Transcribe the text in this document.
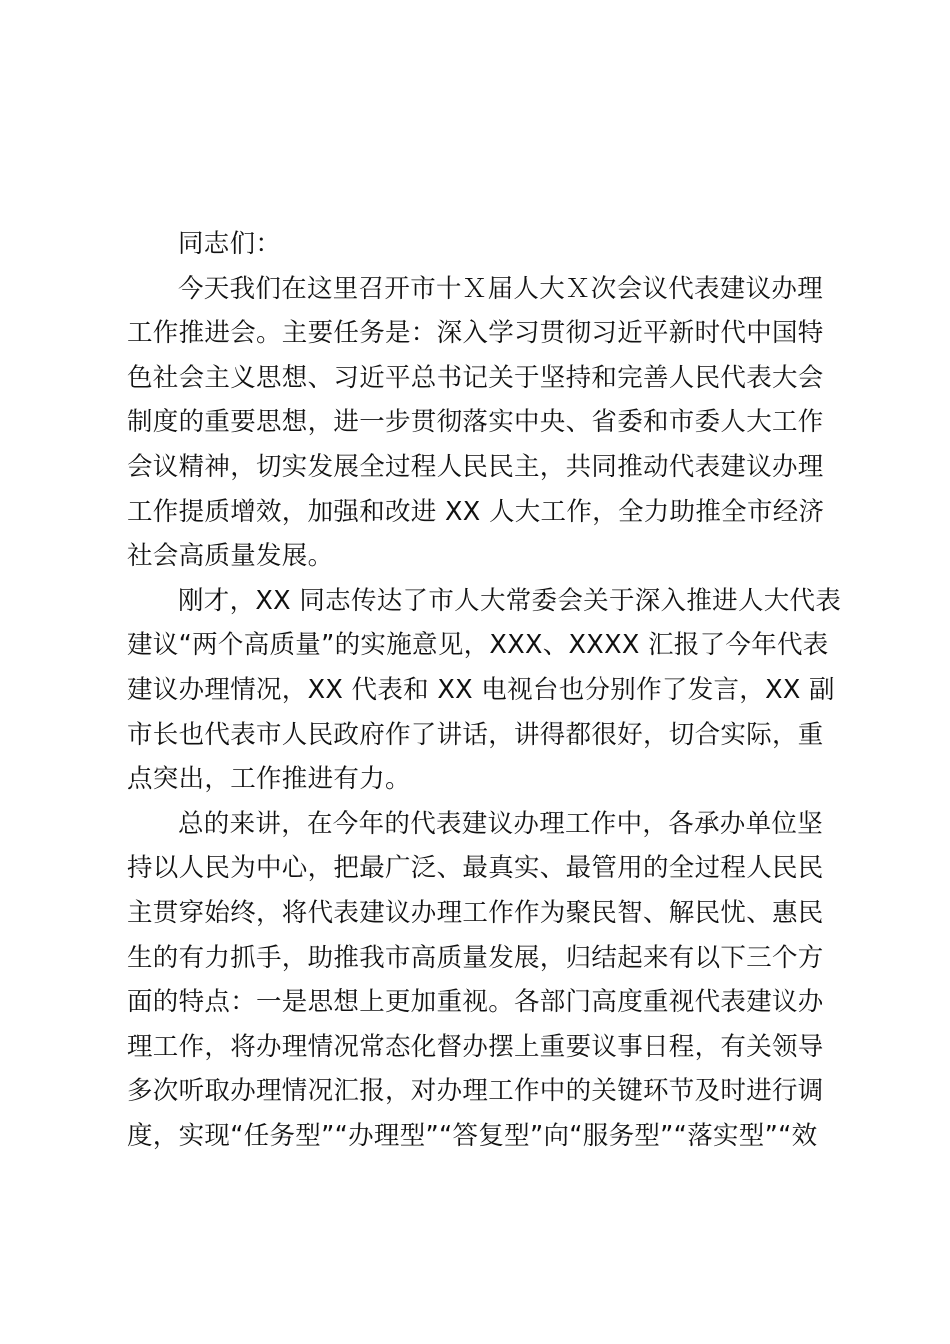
同志们：
今天我们在这里召开市十Ｘ届人大Ｘ次会议代表建议办理
工作推进会。主要任务是：深入学习贯彻习近平新时代中国特
色社会主义思想、习近平总书记关于坚持和完善人民代表大会
制度的重要思想，进一步贯彻落实中央、省委和市委人大工作
会议精神，切实发展全过程人民民主，共同推动代表建议办理
工作提质增效，加强和改进 XX 人大工作，全力助推全市经济
社会高质量发展。
刚才，XX 同志传达了市人大常委会关于深入推进人大代表
建议“两个高质量”的实施意见，XXX、XXXX 汇报了今年代表
建议办理情况，XX 代表和 XX 电视台也分别作了发言，XX 副
市长也代表市人民政府作了讲话，讲得都很好，切合实际，重
点突出，工作推进有力。
总的来讲，在今年的代表建议办理工作中，各承办单位坚
持以人民为中心，把最广泛、最真实、最管用的全过程人民民
主贯穿始终，将代表建议办理工作作为聚民智、解民忧、惠民
生的有力抓手，助推我市高质量发展，归结起来有以下三个方
面的特点：一是思想上更加重视。各部门高度重视代表建议办
理工作，将办理情况常态化督办摆上重要议事日程，有关领导
多次听取办理情况汇报，对办理工作中的关键环节及时进行调
度，实现“任务型”“办理型”“答复型”向“服务型”“落实型”“效
